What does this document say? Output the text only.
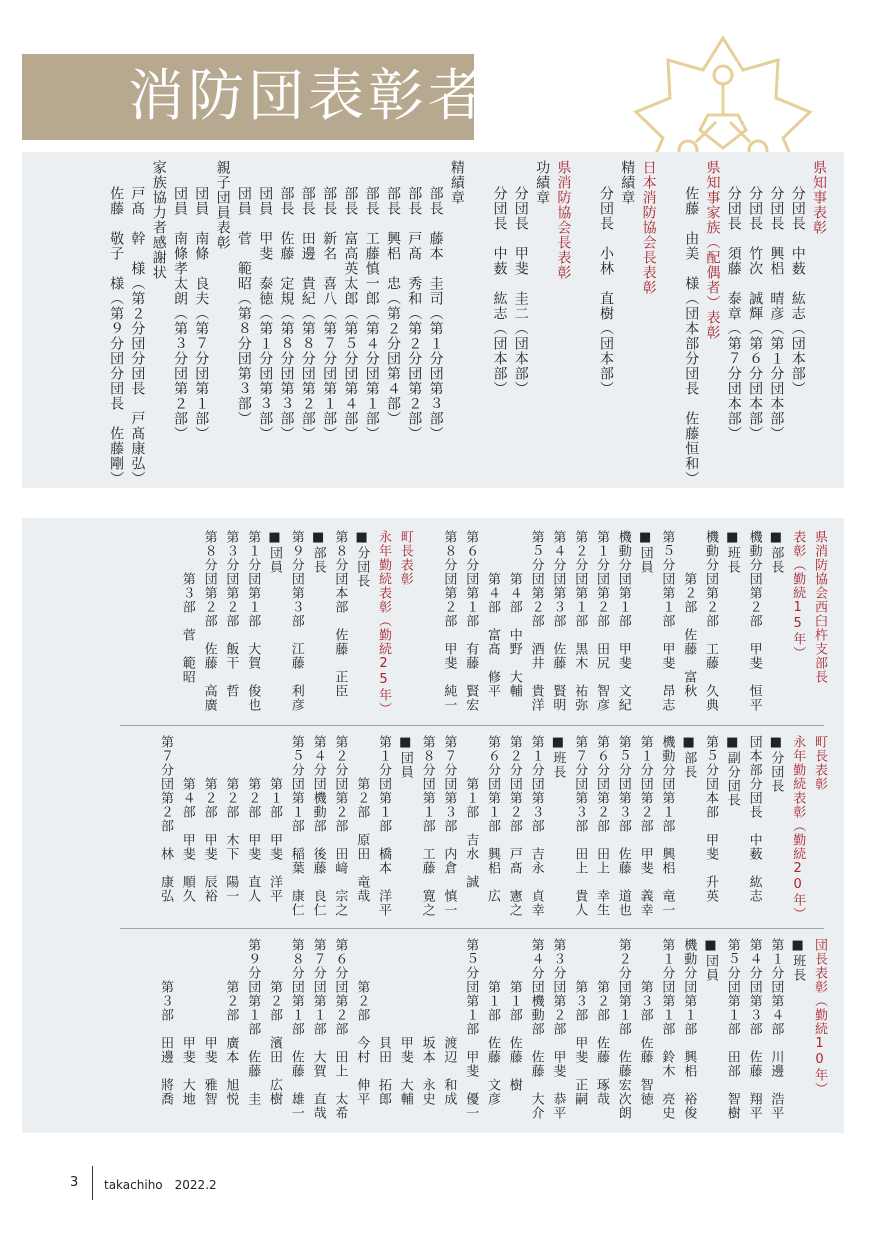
消防団表彰者
県知事表彰
分団長　中薮　紘志（団本部）
分団長　興梠　晴彦（第１分団本部）
分団長　竹次　誠輝（第６分団本部）
分団長　須藤　泰章（第７分団本部）
県知事家族（配偶者）表彰
佐藤　由美　様（団本部分団長　佐藤恒和）
日本消防協会長表彰
精績章
分団長　小林　直樹（団本部）
県消防協会長表彰
功績章
分団長　甲斐　圭二（団本部）
分団長　中薮　紘志（団本部）
精績章
部長　藤本　圭司（第１分団第３部）
部長　戸髙　秀和（第２分団第２部）
部長　興梠　忠（第２分団第４部）
部長　工藤慎一郎（第４分団第１部）
部長　富高英太郎（第５分団第４部）
部長　新名　喜八（第７分団第１部）
部長　田邊　貴紀（第８分団第２部）
部長　佐藤　定規（第８分団第３部）
団員　甲斐　泰徳（第１分団第３部）
団員　菅　範昭（第８分団第３部）
親子団員表彰
団員　南條　良夫（第７分団第１部）
団員　南條孝太朗（第３分団第２部）
家族協力者感謝状
戸髙　幹　様（第２分団分団長　戸髙康弘）
佐藤　敬子　様（第９分団分団長　佐藤剛）
県消防協会西臼杵支部長
表彰（勤続15年）
■部長
機動分団第２部　甲斐　恒平
■班長
機動分団第２部　工藤　久典
　　　第２部　佐藤　富秋
第５分団第１部　甲斐　昂志
■団員
機動分団第１部　甲斐　文紀
第１分団第２部　田尻　智彦
第２分団第１部　黒木　祐弥
第４分団第３部　佐藤　賢明
第５分団第２部　酒井　貴洋
　　　第４部　中野　大輔
　　　第４部　富髙　修平
第６分団第１部　有藤　賢宏
第８分団第２部　甲斐　純一
町長表彰
永年勤続表彰（勤続25年）
■分団長
第８分団本部　佐藤　正臣
■部長
第９分団第３部　江藤　利彦
■団員
第１分団第１部　大賀　俊也
第３分団第２部　飯干　哲
第８分団第２部　佐藤　高廣
　　　第３部　菅　範昭
町長表彰
永年勤続表彰（勤続20年）
■分団長
団本部分団長　中薮　紘志
■副分団長
第５分団本部　甲斐　升英
■部長
機動分団第１部　興梠　竜一
第１分団第２部　甲斐　義幸
第５分団第３部　佐藤　道也
第６分団第２部　田上　幸生
第７分団第３部　田上　貴人
■班長
第１分団第３部　吉永　貞幸
第２分団第２部　戸髙　憲之
第６分団第１部　興梠　広
　　　第１部　吉水　誠
第７分団第３部　内倉　慎一
第８分団第１部　工藤　寛之
■団員
第１分団第１部　橋本　洋平
　　　第２部　原田　竜哉
第２分団第２部　田﨑　宗之
第４分団機動部　後藤　良仁
第５分団第１部　稲葉　康仁
　　　第１部　甲斐　洋平
　　　第２部　甲斐　直人
　　　第２部　木下　陽一
　　　第２部　甲斐　辰裕
　　　第４部　甲斐　順久
第７分団第２部　林　康弘
団長表彰（勤続10年）
■班長
第１分団第４部　川邊　浩平
第４分団第３部　佐藤　翔平
第５分団第１部　田部　智樹
■団員
機動分団第１部　興梠　裕俊
第１分団第１部　鈴木　亮史
　　　第３部　佐藤　智徳
第２分団第１部　佐藤宏次朗
　　　第２部　佐藤　琢哉
　　　第３部　甲斐　正嗣
第３分団第２部　甲斐　恭平
第４分団機動部　佐藤　大介
　　　第１部　佐藤　樹
　　　第１部　佐藤　文彦
第５分団第１部　甲斐　優一
　　　　　　　渡辺　和成
　　　　　　　坂本　永史
　　　　　　　甲斐　大輔
　　　　　　　貝田　拓郎
　　　第２部　今村　伸平
第６分団第２部　田上　太希
第７分団第１部　大賀　直哉
第８分団第１部　佐藤　雄一
　　　第２部　濱田　広樹
第９分団第１部　佐藤　圭
　　　第２部　廣本　旭悦
　　　　　　　甲斐　雅智
　　　　　　　甲斐　大地
　　　第３部　田邊　將喬
3 takachiho　 2022.2
